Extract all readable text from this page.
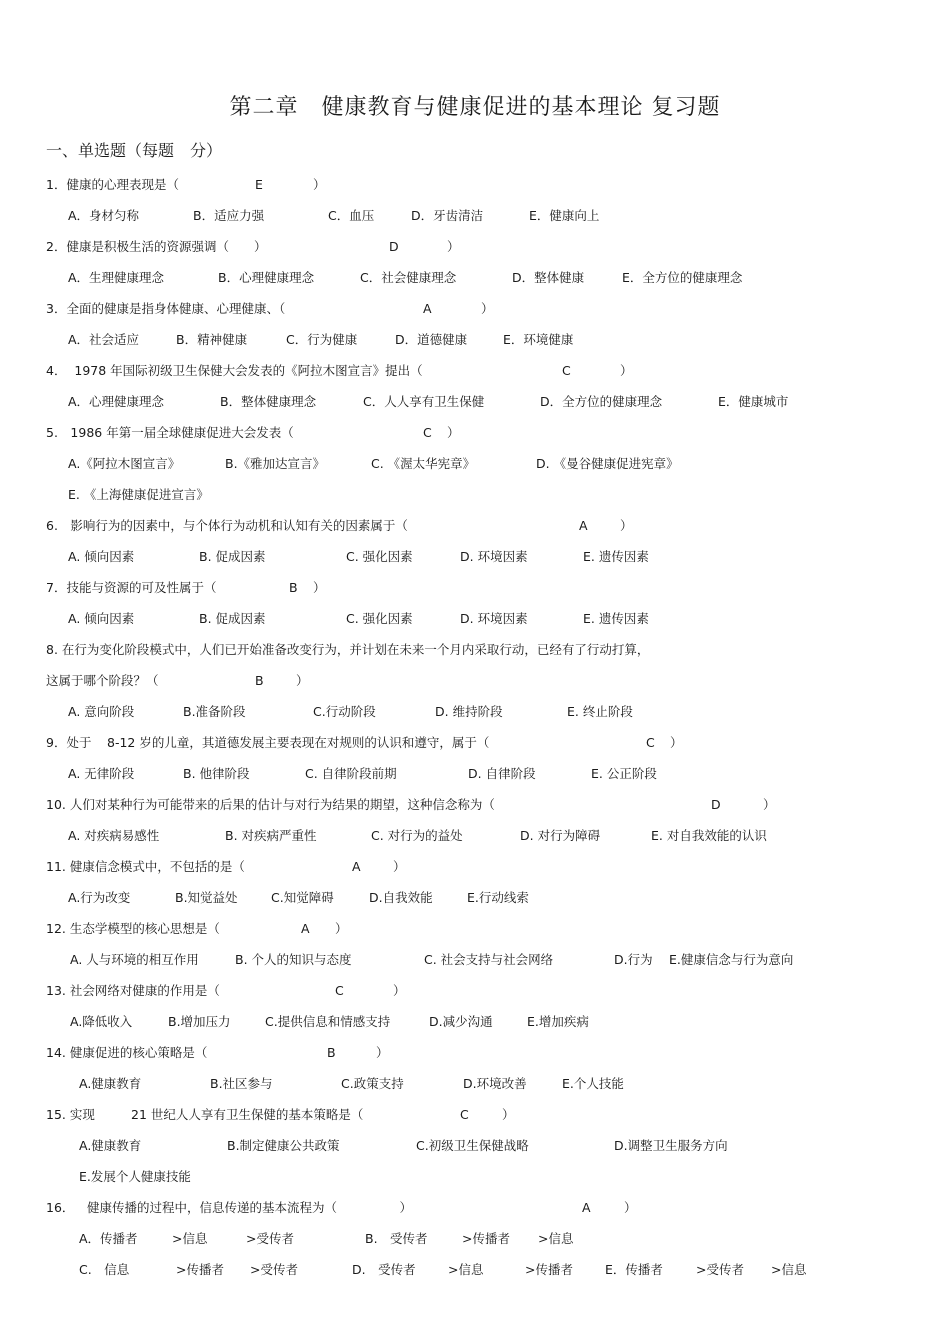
第二章　健康教育与健康促进的基本理论 复习题
一、单选题（每题　分）
1．健康的心理表现是（	E	）
A．身材匀称	B．适应力强	C．血压	D．牙齿清洁	E．健康向上
2．健康是积极生活的资源强调（　　）	D	）
A．生理健康理念	B．心理健康理念	C．社会健康理念	D．整体健康	E．全方位的健康理念
3．全面的健康是指身体健康、心理健康、（	A	）
A．社会适应	B．精神健康	C．行为健康	D．道德健康	E．环境健康
4．  1978 年国际初级卫生保健大会发表的《阿拉木图宣言》提出（	C	）
A．心理健康理念	B．整体健康理念	C．人人享有卫生保健	D．全方位的健康理念	E．健康城市
5.　1986 年第一届全球健康促进大会发表（	C ）
A.《阿拉木图宣言》	B.《雅加达宣言》	C. 《渥太华宪章》	D. 《曼谷健康促进宪章》
E. 《上海健康促进宣言》
6.　影响行为的因素中，与个体行为动机和认知有关的因素属于（	A	）
A. 倾向因素	B. 促成因素	C. 强化因素	D. 环境因素	E. 遗传因素
7．技能与资源的可及性属于（	B ）
A. 倾向因素	B. 促成因素	C. 强化因素	D. 环境因素	E. 遗传因素
8. 在行为变化阶段模式中，人们已开始准备改变行为，并计划在未来一个月内采取行动，已经有了行动打算，
这属于哪个阶段？（	B	）
A. 意向阶段	B.准备阶段	C.行动阶段	D. 维持阶段	E. 终止阶段
9．处于 8-12 岁的儿童，其道德发展主要表现在对规则的认识和遵守，属于（	C ）
A. 无律阶段	B. 他律阶段	C. 自律阶段前期	D. 自律阶段	E. 公正阶段
10. 人们对某种行为可能带来的后果的估计与对行为结果的期望，这种信念称为（	D	）
A. 对疾病易感性	B. 对疾病严重性	C. 对行为的益处	D. 对行为障碍	E. 对自我效能的认识
11. 健康信念模式中，不包括的是（	A	）
A.行为改变	B.知觉益处	C.知觉障碍	D.自我效能	E.行动线索
12. 生态学模型的核心思想是（	A ）
A. 人与环境的相互作用	B. 个人的知识与态度	C. 社会支持与社会网络	D.行为 E.健康信念与行为意向
13. 社会网络对健康的作用是（	C	）
A.降低收入	B.增加压力	C.提供信息和情感支持	D.减少沟通	E.增加疾病
14. 健康促进的核心策略是（	B	）
A.健康教育	B.社区参与	C.政策支持	D.环境改善	E.个人技能
15. 实现	21 世纪人人享有卫生保健的基本策略是（	C	）
A.健康教育	B.制定健康公共政策	C.初级卫生保健战略	D.调整卫生服务方向
E.发展个人健康技能
16． 健康传播的过程中，信息传递的基本流程为（　　　　　）	A	）
A．传播者	>信息	>受传者	B.　受传者	>传播者 >信息
C.　信息	>传播者 >受传者	D.　受传者	>信息	>传播者	E．传播者	>受传者 >信息
